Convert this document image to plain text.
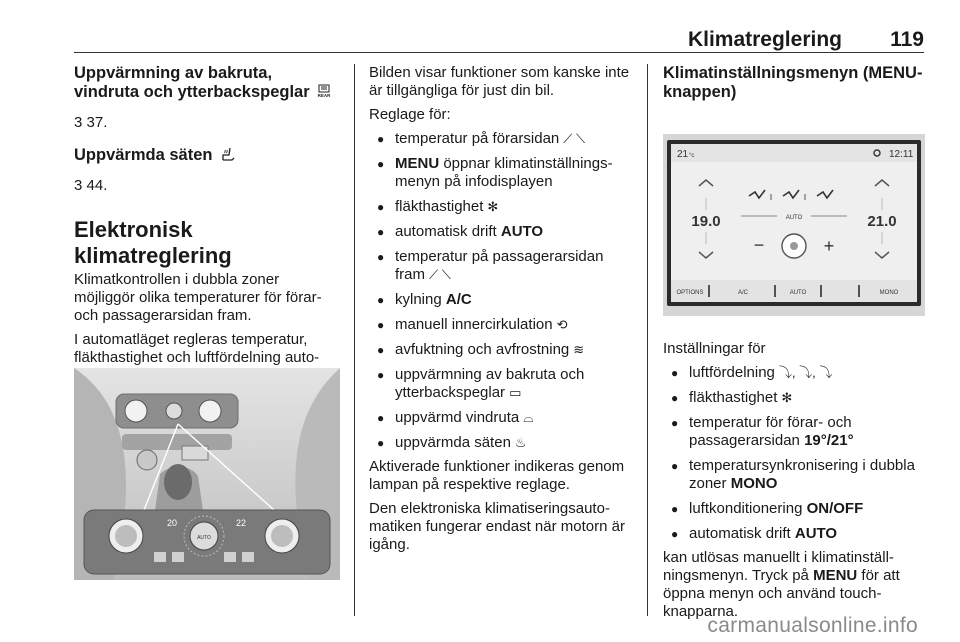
Klimatreglering 119
Uppvärmning av bakruta, vindruta och ytterbackspeglar REAR

3 37.

Uppvärmda säten

3 44.

Elektronisk klimatreglering

Klimatkontrollen i dubbla zoner möjliggör olika temperaturer för förar- och passagerarsidan fram.

I automatläget regleras temperatur, fläkthastighet och luftfördelning auto-

20	22
AUTO

Bilden visar funktioner som kanske inte är tillgängliga för just din bil.

Reglage för:

● temperatur på förarsidan ⟋ ⟍
● MENU öppnar klimatinställnings- menyn på infodisplayen
● fläkthastighet ✻
● automatisk drift AUTO
● temperatur på passagerarsidan fram ⟋ ⟍
● kylning A/C
● manuell innercirkulation ⟲
● avfuktning och avfrostning ≋
● uppvärmning av bakruta och ytterbackspeglar ▭
● uppvärmd vindruta ⌓
● uppvärmda säten ♨

Aktiverade funktioner indikeras genom lampan på respektive reglage.

Den elektroniska klimatiseringsauto- matiken fungerar endast när motorn är igång.

Klimatinställningsmenyn (MENU- knappen)
21 °c	12:11
19.0	21.0
AUTO
−	+
OPTIONS	A/C	AUTO	MONO

Inställningar för

● luftfördelning ⤵, ⤵, ⤵
● fläkthastighet ✻
● temperatur för förar- och passagerarsidan 19°/21°
● temperatursynkronisering i dubbla zoner MONO
● luftkonditionering ON/OFF
● automatisk drift AUTO

kan utlösas manuellt i klimatinställ- ningsmenyn. Tryck på MENU för att öppna menyn och använd touch- knapparna.

carmanualsonline.info
